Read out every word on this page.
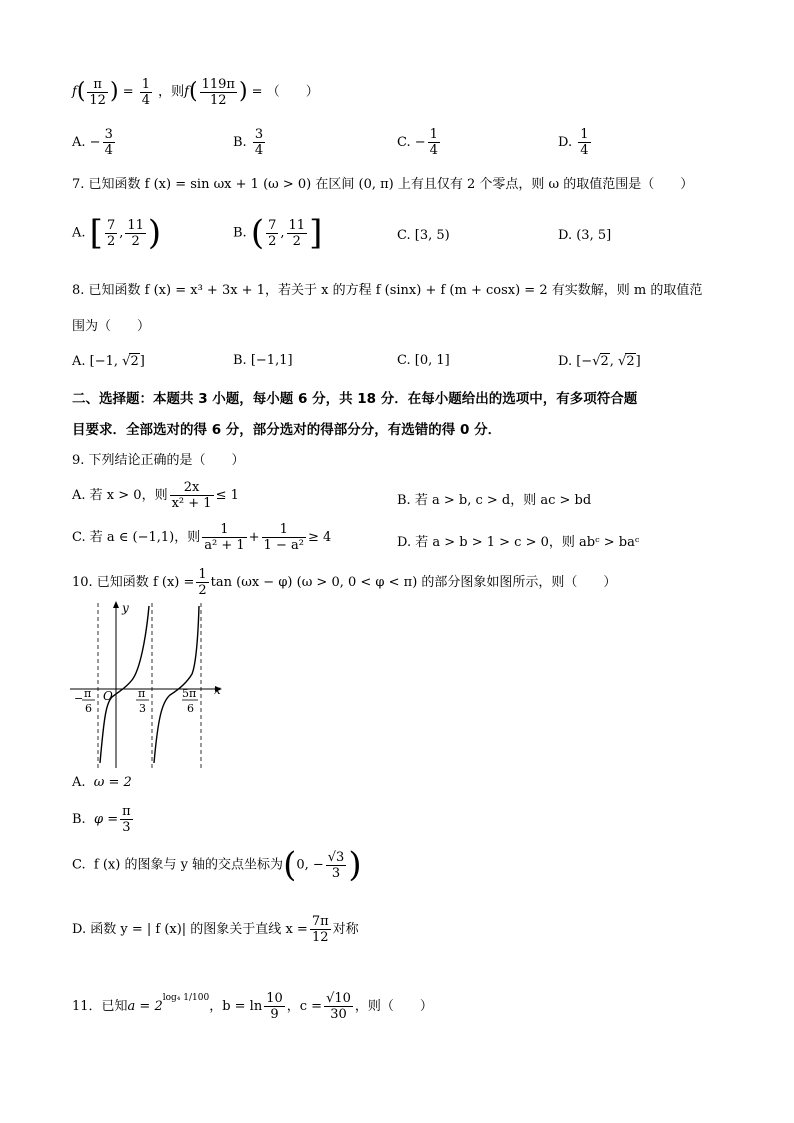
$f( \frac{\pi}{12}$ ) = $\frac{1}{4}$ ，则$f( \frac{119\pi}{12}$ ) = （　　）
A. − $\frac{3}{4}$	B. $\frac{3}{4}$	C. − $\frac{1}{4}$	D. $\frac{1}{4}$
7. 已知函数 f (x) = sin ωx + 1 (ω > 0) 在区间 (0, π) 上有且仅有 2 个零点，则 ω 的取值范围是（　　）
A. [ $\frac{7}{2}$ , $\frac{11}{2}$ )	B. ( $\frac{7}{2}$ , $\frac{11}{2}$ ]	C. [3, 5)	D. (3, 5]
8. 已知函数 f (x) = x³ + 3x + 1，若关于 x 的方程 f (sinx) + f (m + cosx) = 2 有实数解，则 m 的取值范
围为（　　）
A. [−1, √2]	B. [−1,1]	C. [0, 1]	D. [−√2, √2]
二、选择题：本题共 3 小题，每小题 6 分，共 18 分．在每小题给出的选项中，有多项符合题
目要求．全部选对的得 6 分，部分选对的得部分分，有选错的得 0 分．
9. 下列结论正确的是（　　）
A. 若 x > 0，则 $\frac{2x}{\text{x² + 1}} \le 1$	B. 若 a > b, c > d，则 ac > bd
C. 若 a ∈ (−1,1)，则 $\frac{1}{\text{a² + 1}} + \frac{1}{\text{1 − a²}} \ge 4$	D. 若 a > b > 1 > c > 0，则 abᶜ > baᶜ
10. 已知函数 f $(x) = \frac{1}{2}$ tan (ωx − φ) (ω > 0, 0 < φ < π) 的部分图象如图所示，则（　　）
y
x
O
− π
6
π
3
5π
6
A. ω = 2
B. $\varphi = \frac{\pi}{3}$
C. f (x) 的图象与 y 轴的交点坐标为(0, − $\frac{√3}{3}$ )
D. 函数 y = | f (x)| 的图象关于直线 $x = \frac{7\pi}{12}$ 对称
11．已知$a = 2^{log_4 1/100}$，$b = \ln \frac{10}{9}$ ，$c = \frac{√10}{30}$ ，则（　　）
